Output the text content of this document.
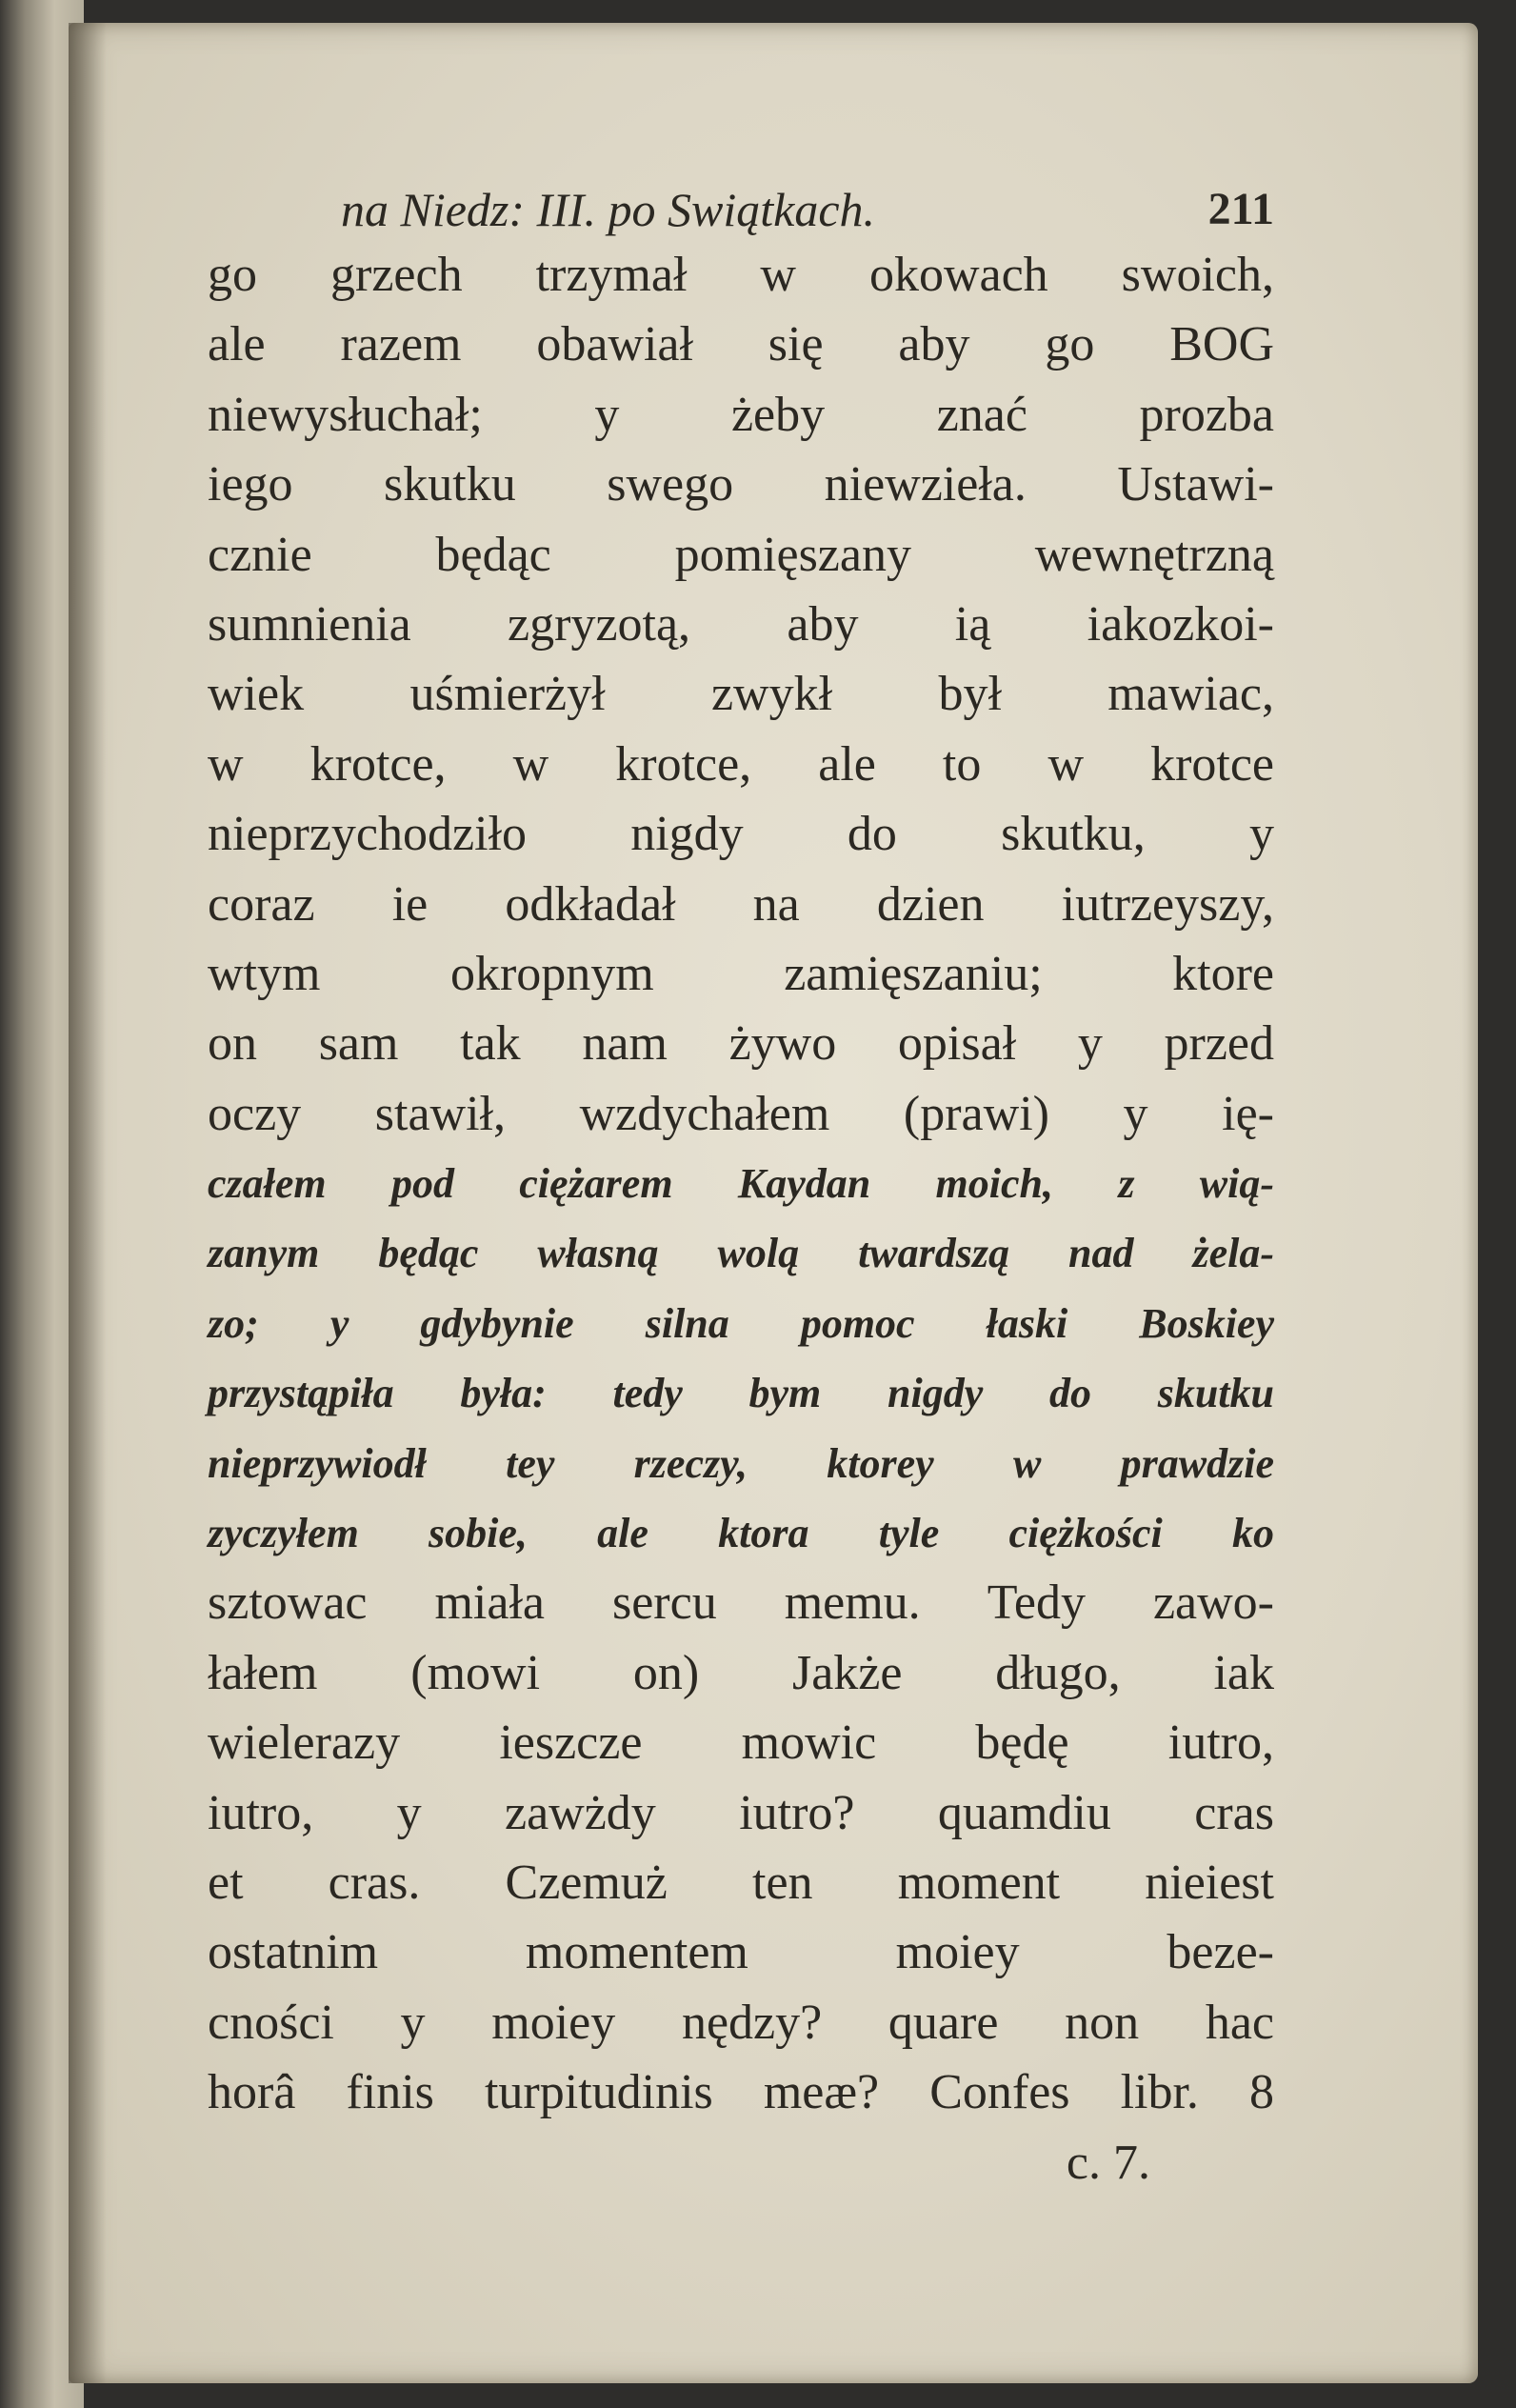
na Niedz: III. po Swiątkach.	211
go grzech trzymał w okowach swoich,
ale razem obawiał się aby go BOG
niewysłuchał; y żeby znać prozba
iego skutku swego niewzieła. Ustawi-
cznie będąc pomięszany wewnętrzną
sumnienia zgryzotą, aby ią iakozkoi-
wiek uśmierżył zwykł był mawiac,
w krotce, w krotce, ale to w krotce
nieprzychodziło nigdy do skutku, y
coraz ie odkładał na dzien iutrzeyszy,
wtym okropnym zamięszaniu; ktore
on sam tak nam żywo opisał y przed
oczy stawił, wzdychałem (prawi) y ię-
czałem pod ciężarem Kaydan moich, z wią-
zanym będąc własną wolą twardszą nad żela-
zo; y gdybynie silna pomoc łaski Boskiey
przystąpiła była: tedy bym nigdy do skutku
nieprzywiodł tey rzeczy, ktorey w prawdzie
zyczyłem sobie, ale ktora tyle ciężkości ko
sztowac miała sercu memu. Tedy zawo-
łałem (mowi on) Jakże długo, iak
wielerazy ieszcze mowic będę iutro,
iutro, y zawżdy iutro? quamdiu cras
et cras. Czemuż ten moment nieiest
ostatnim momentem moiey beze-
cności y moiey nędzy? quare non hac
horâ finis turpitudinis meæ? Confes libr. 8
c. 7.
